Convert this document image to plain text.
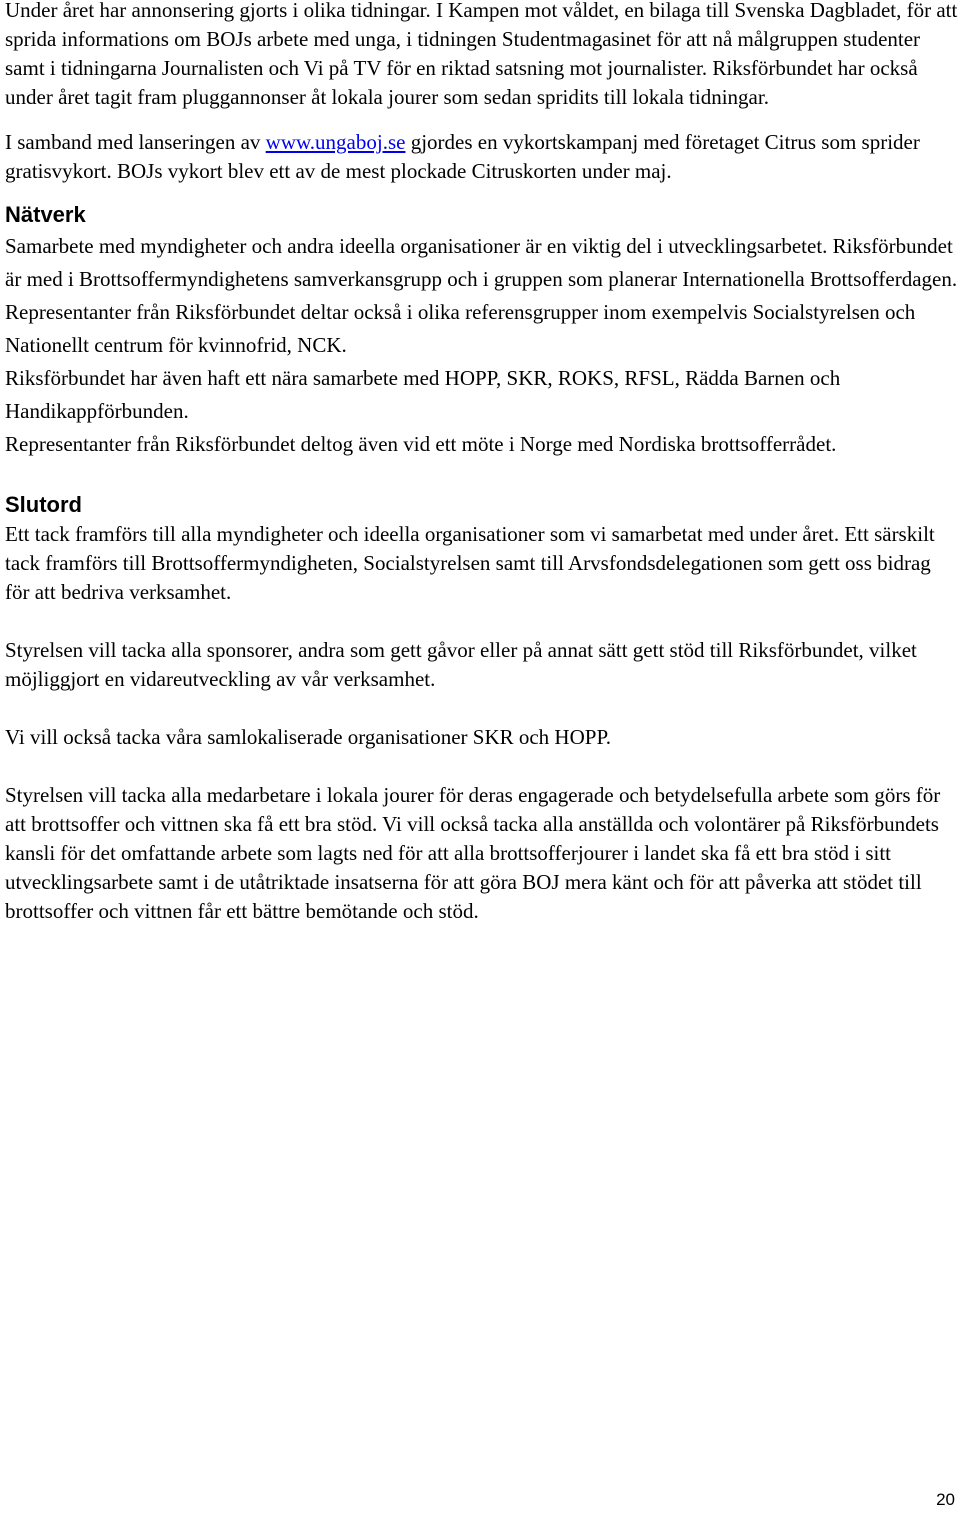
Under året har annonsering gjorts i olika tidningar. I Kampen mot våldet, en bilaga till Svenska Dagbladet, för att sprida informations om BOJs arbete med unga, i tidningen Studentmagasinet för att nå målgruppen studenter samt i tidningarna Journalisten och Vi på TV för en riktad satsning mot journalister. Riksförbundet har också under året tagit fram pluggannonser åt lokala jourer som sedan spridits till lokala tidningar.

I samband med lanseringen av www.ungaboj.se gjordes en vykortskampanj med företaget Citrus som sprider gratisvykort. BOJs vykort blev ett av de mest plockade Citruskorten under maj.

Nätverk

Samarbete med myndigheter och andra ideella organisationer är en viktig del i utvecklingsarbetet. Riksförbundet är med i Brottsoffermyndighetens samverkansgrupp och i gruppen som planerar Internationella Brottsofferdagen. Representanter från Riksförbundet deltar också i olika referensgrupper inom exempelvis Socialstyrelsen och Nationellt centrum för kvinnofrid, NCK.

Riksförbundet har även haft ett nära samarbete med HOPP, SKR, ROKS, RFSL, Rädda Barnen och Handikappförbunden.

Representanter från Riksförbundet deltog även vid ett möte i Norge med Nordiska brottsofferrådet.

Slutord

Ett tack framförs till alla myndigheter och ideella organisationer som vi samarbetat med under året. Ett särskilt tack framförs till Brottsoffermyndigheten, Socialstyrelsen samt till Arvsfondsdelegationen som gett oss bidrag för att bedriva verksamhet.

Styrelsen vill tacka alla sponsorer, andra som gett gåvor eller på annat sätt gett stöd till Riksförbundet, vilket möjliggjort en vidareutveckling av vår verksamhet.

Vi vill också tacka våra samlokaliserade organisationer SKR och HOPP.

Styrelsen vill tacka alla medarbetare i lokala jourer för deras engagerade och betydelsefulla arbete som görs för att brottsoffer och vittnen ska få ett bra stöd. Vi vill också tacka alla anställda och volontärer på Riksförbundets kansli för det omfattande arbete som lagts ned för att alla brottsofferjourer i landet ska få ett bra stöd i sitt utvecklingsarbete samt i de utåtriktade insatserna för att göra BOJ mera känt och för att påverka att stödet till brottsoffer och vittnen får ett bättre bemötande och stöd.

20
